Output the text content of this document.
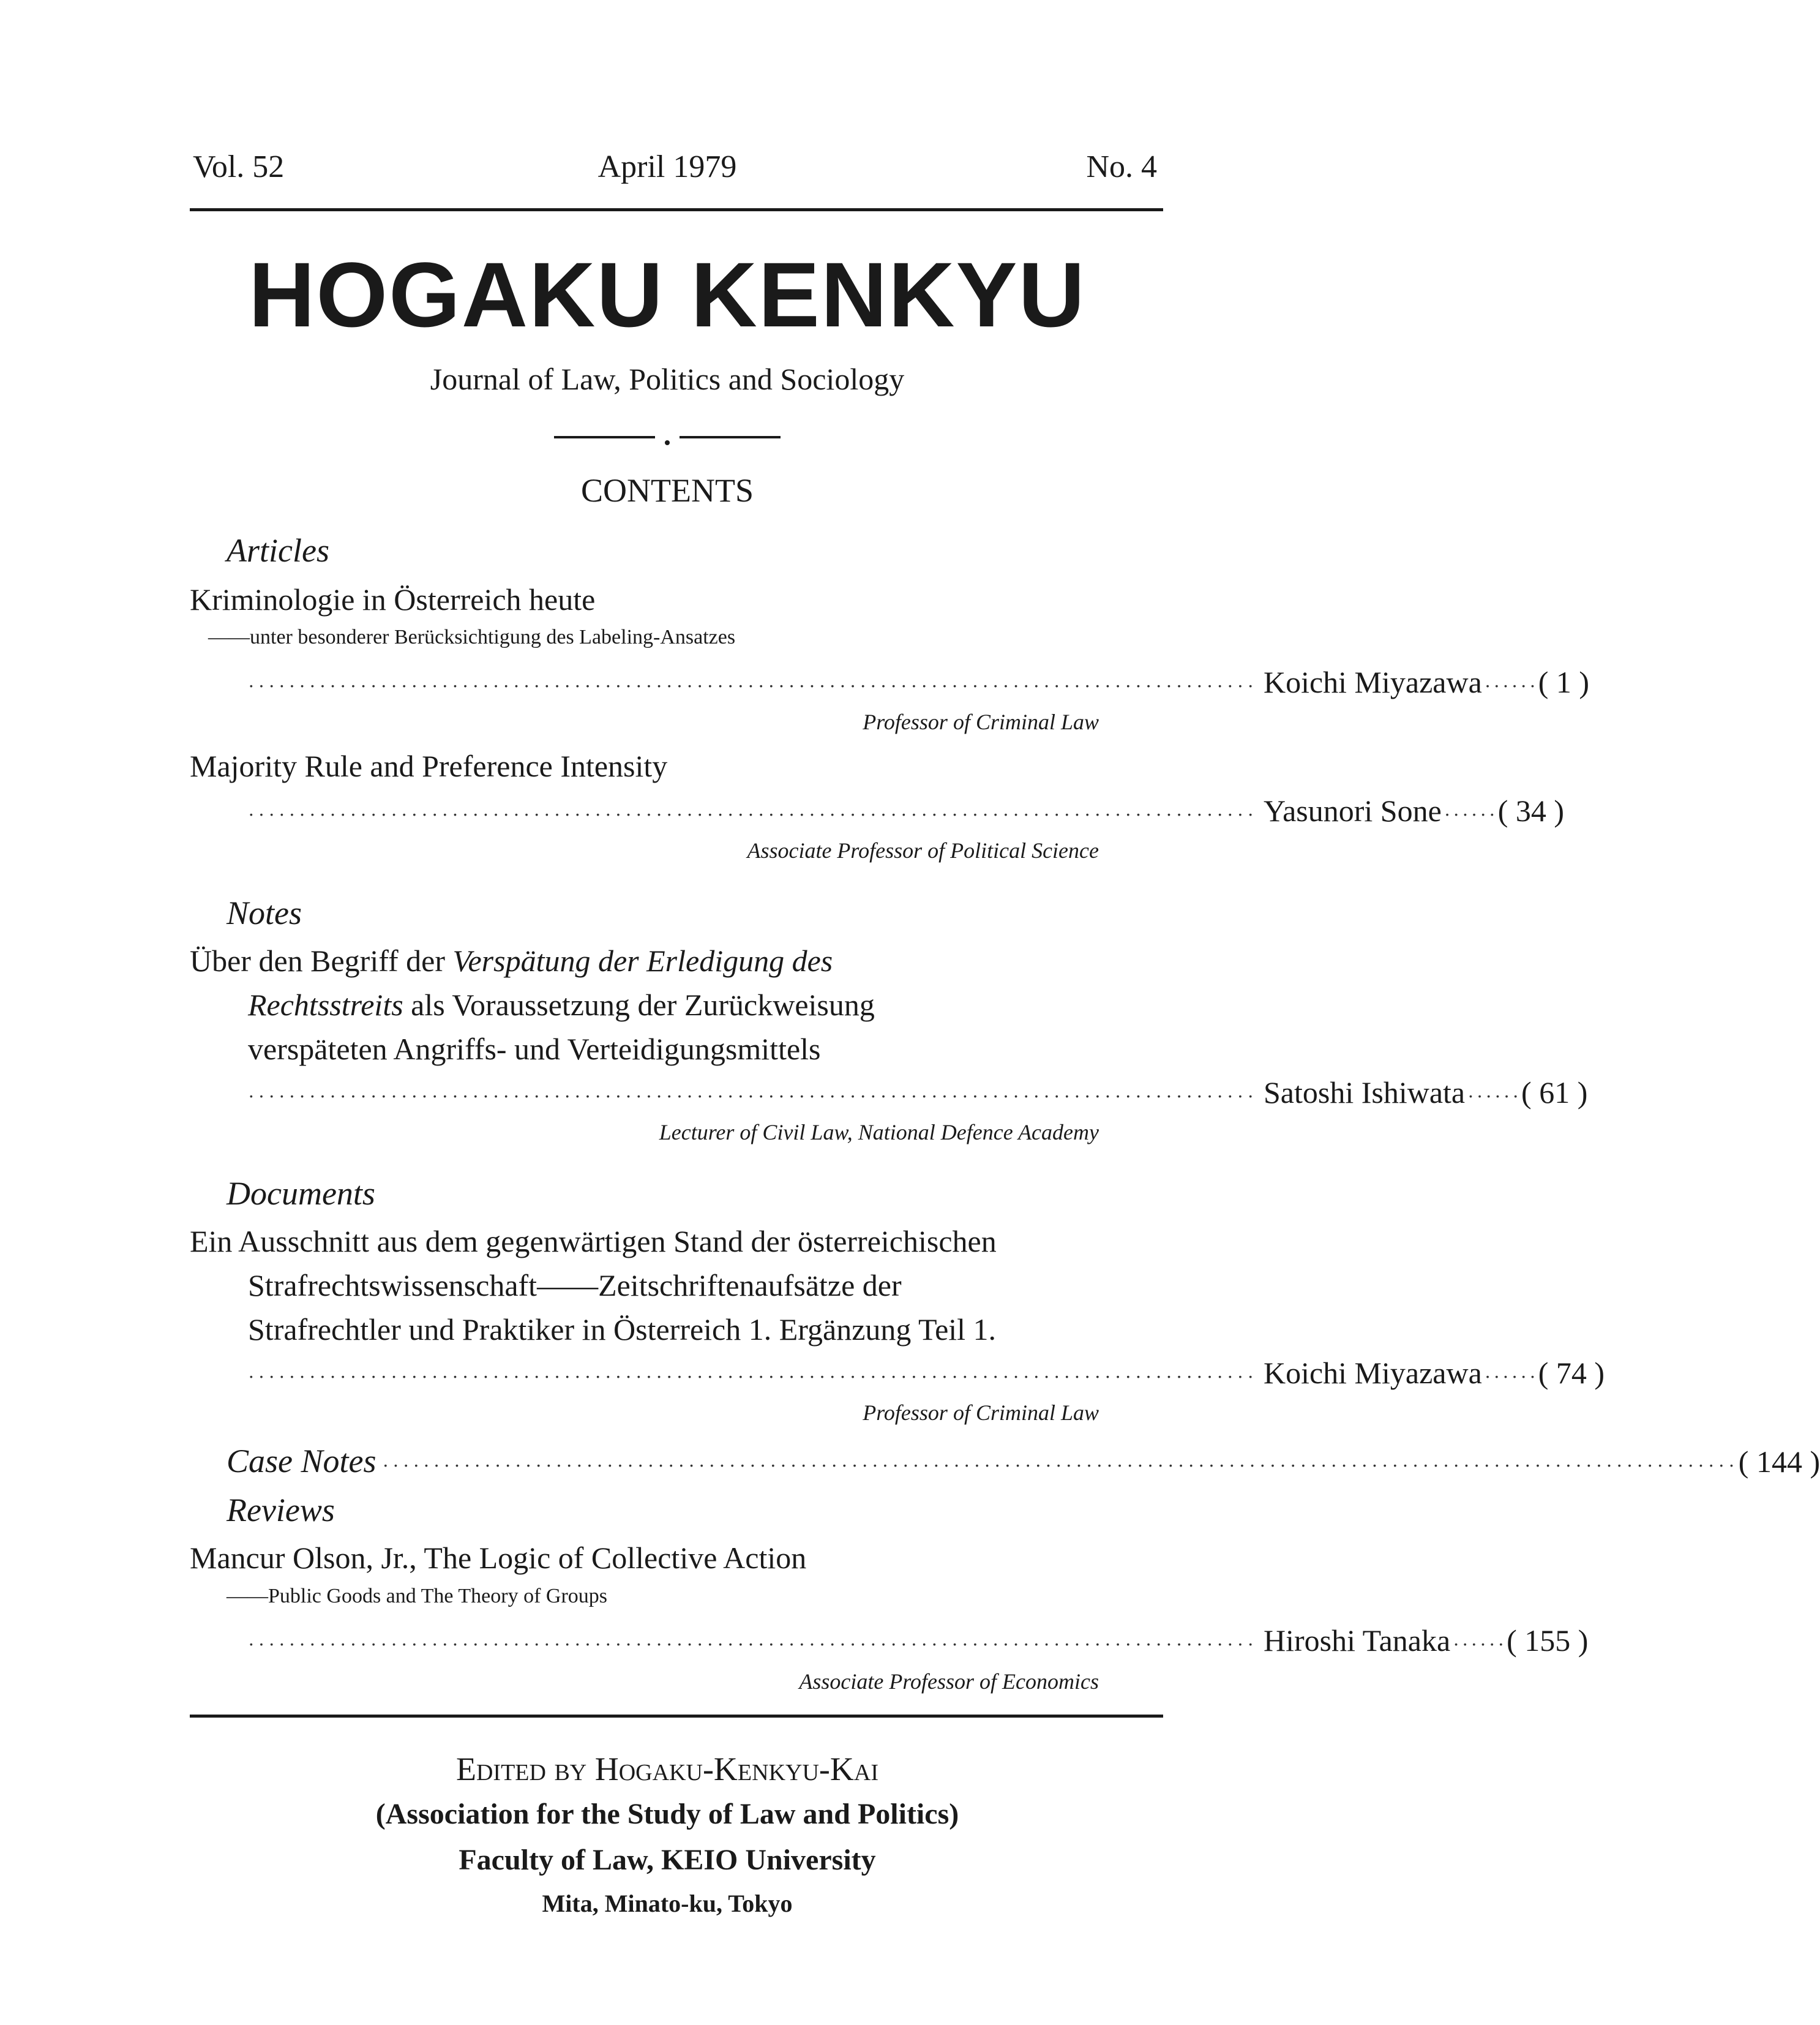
Vol. 52	April 1979	No. 4
HOGAKU KENKYU
Journal of Law, Politics and Sociology
CONTENTS
Articles
Kriminologie in Österreich heute
——unter besonderer Berücksichtigung des Labeling-Ansatzes
··································································································· Koichi Miyazawa ······ ( 1 )
Professor of Criminal Law
Majority Rule and Preference Intensity
··································································································· Yasunori Sone ······ ( 34 )
Associate Professor of Political Science
Notes
Über den Begriff der Verspätung der Erledigung des
Rechtsstreits als Voraussetzung der Zurückweisung
verspäteten Angriffs- und Verteidigungsmittels
··································································································· Satoshi Ishiwata ······ ( 61 )
Lecturer of Civil Law, National Defence Academy
Documents
Ein Ausschnitt aus dem gegenwärtigen Stand der österreichischen
Strafrechtswissenschaft——Zeitschriftenaufsätze der
Strafrechtler und Praktiker in Österreich 1. Ergänzung Teil 1.
··································································································· Koichi Miyazawa ······ ( 74 )
Professor of Criminal Law
Case Notes ····································································································································· ( 144 )
Reviews
Mancur Olson, Jr., The Logic of Collective Action
——Public Goods and The Theory of Groups
··································································································· Hiroshi Tanaka ······ ( 155 )
Associate Professor of Economics
Edited by Hogaku-Kenkyu-Kai
(Association for the Study of Law and Politics)
Faculty of Law, KEIO University
Mita, Minato-ku, Tokyo
